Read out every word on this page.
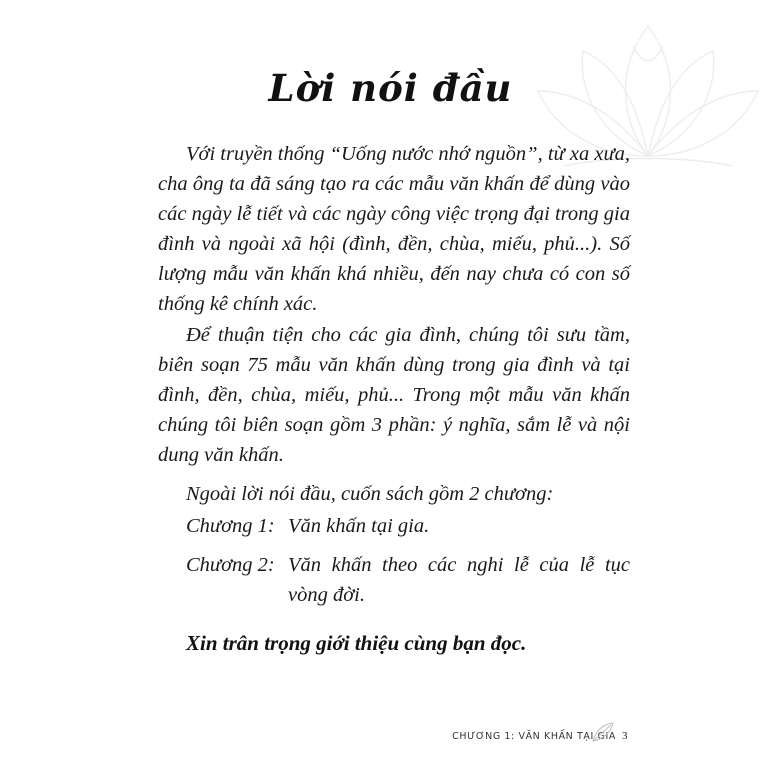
Lời nói đầu

Với truyền thống “Uống nước nhớ nguồn”, từ xa xưa, cha ông ta đã sáng tạo ra các mẫu văn khấn để dùng vào các ngày lễ tiết và các ngày công việc trọng đại trong gia đình và ngoài xã hội (đình, đền, chùa, miếu, phủ...). Số lượng mẫu văn khấn khá nhiều, đến nay chưa có con số thống kê chính xác.

Để thuận tiện cho các gia đình, chúng tôi sưu tầm, biên soạn 75 mẫu văn khấn dùng trong gia đình và tại đình, đền, chùa, miếu, phủ... Trong một mẫu văn khấn chúng tôi biên soạn gồm 3 phần: ý nghĩa, sắm lễ và nội dung văn khấn.

Ngoài lời nói đầu, cuốn sách gồm 2 chương:
Chương 1: Văn khấn tại gia.
Chương 2: Văn khấn theo các nghi lễ của lễ tục vòng đời.
Xin trân trọng giới thiệu cùng bạn đọc.
CHƯƠNG 1: VĂN KHẤN TẠI GIA 3
